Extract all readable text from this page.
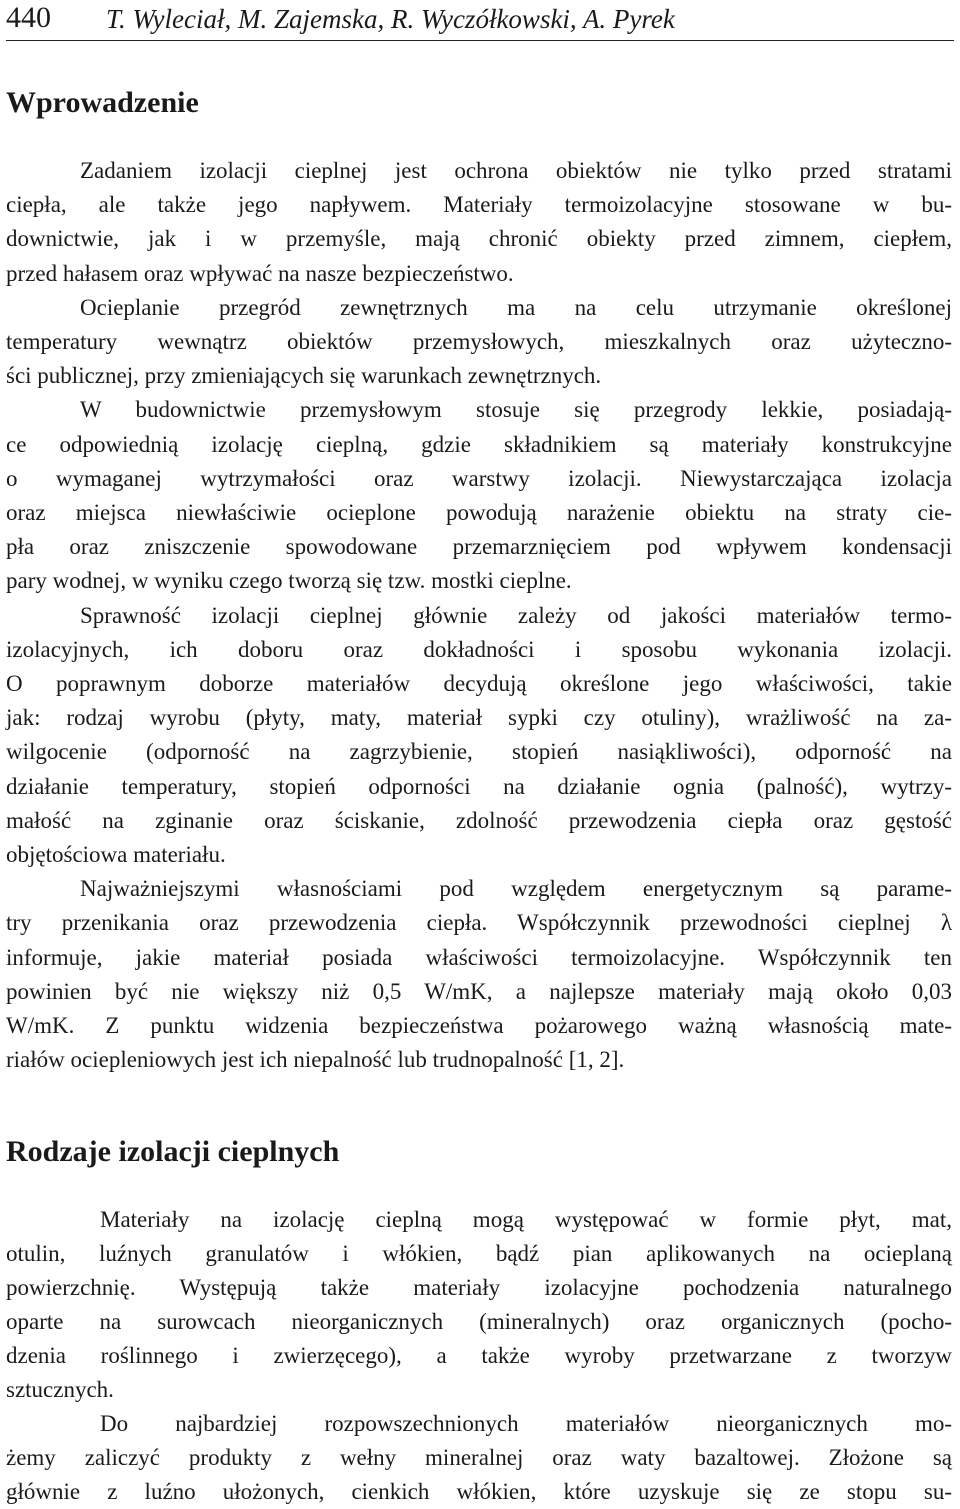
440 T. Wyleciał, M. Zajemska, R. Wyczółkowski, A. Pyrek
Wprowadzenie
Zadaniem izolacji cieplnej jest ochrona obiektów nie tylko przed stratami
ciepła, ale także jego napływem. Materiały termoizolacyjne stosowane w bu-
downictwie, jak i w przemyśle, mają chronić obiekty przed zimnem, ciepłem,
przed hałasem oraz wpływać na nasze bezpieczeństwo.
Ocieplanie przegród zewnętrznych ma na celu utrzymanie określonej
temperatury wewnątrz obiektów przemysłowych, mieszkalnych oraz użyteczno-
ści publicznej, przy zmieniających się warunkach zewnętrznych.
W budownictwie przemysłowym stosuje się przegrody lekkie, posiadają-
ce odpowiednią izolację cieplną, gdzie składnikiem są materiały konstrukcyjne
o wymaganej wytrzymałości oraz warstwy izolacji. Niewystarczająca izolacja
oraz miejsca niewłaściwie ocieplone powodują narażenie obiektu na straty cie-
pła oraz zniszczenie spowodowane przemarznięciem pod wpływem kondensacji
pary wodnej, w wyniku czego tworzą się tzw. mostki cieplne.
Sprawność izolacji cieplnej głównie zależy od jakości materiałów termo-
izolacyjnych, ich doboru oraz dokładności i sposobu wykonania izolacji.
O poprawnym doborze materiałów decydują określone jego właściwości, takie
jak: rodzaj wyrobu (płyty, maty, materiał sypki czy otuliny), wrażliwość na za-
wilgocenie (odporność na zagrzybienie, stopień nasiąkliwości), odporność na
działanie temperatury, stopień odporności na działanie ognia (palność), wytrzy-
małość na zginanie oraz ściskanie, zdolność przewodzenia ciepła oraz gęstość
objętościowa materiału.
Najważniejszymi własnościami pod względem energetycznym są parame-
try przenikania oraz przewodzenia ciepła. Współczynnik przewodności cieplnej λ
informuje, jakie materiał posiada właściwości termoizolacyjne. Współczynnik ten
powinien być nie większy niż 0,5 W/mK, a najlepsze materiały mają około 0,03
W/mK. Z punktu widzenia bezpieczeństwa pożarowego ważną własnością mate-
riałów ociepleniowych jest ich niepalność lub trudnopalność [1, 2].
Rodzaje izolacji cieplnych
Materiały na izolację cieplną mogą występować w formie płyt, mat,
otulin, luźnych granulatów i włókien, bądź pian aplikowanych na ocieplaną
powierzchnię. Występują także materiały izolacyjne pochodzenia naturalnego
oparte na surowcach nieorganicznych (mineralnych) oraz organicznych (pocho-
dzenia roślinnego i zwierzęcego), a także wyroby przetwarzane z tworzyw
sztucznych.
Do najbardziej rozpowszechnionych materiałów nieorganicznych mo-
żemy zaliczyć produkty z wełny mineralnej oraz waty bazaltowej. Złożone są
głównie z luźno ułożonych, cienkich włókien, które uzyskuje się ze stopu su-
